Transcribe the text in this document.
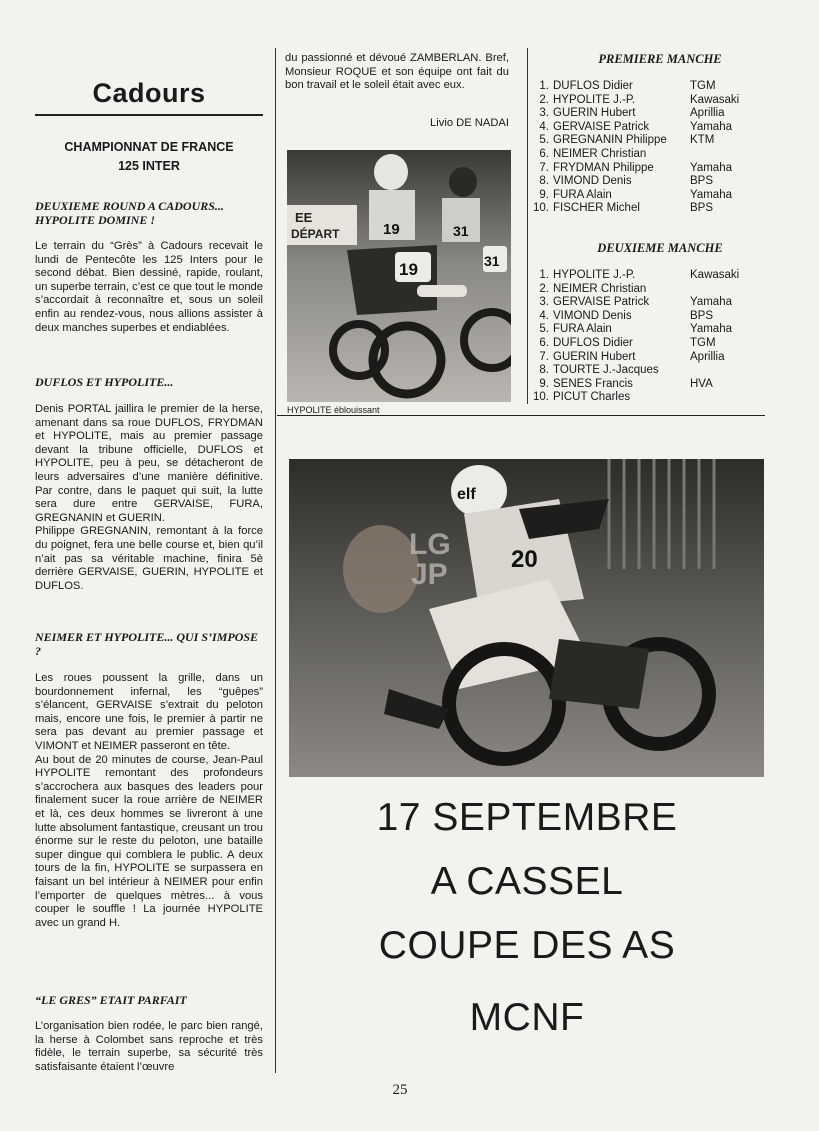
Cadours
CHAMPIONNAT DE FRANCE
125 INTER
DEUXIEME ROUND A CADOURS... HYPOLITE DOMINE !
Le terrain du “Grès” à Cadours recevait le lundi de Pentecôte les 125 Inters pour le second débat. Bien dessiné, rapide, roulant, un superbe terrain, c’est ce que tout le monde s’accordait à reconnaître et, sous un soleil enfin au rendez-vous, nous allions assister à deux manches superbes et endiablées.
DUFLOS ET HYPOLITE...
Denis PORTAL jaillira le premier de la herse, amenant dans sa roue DUFLOS, FRYDMAN et HYPOLITE, mais au premier passage devant la tribune officielle, DUFLOS et HYPOLITE, peu à peu, se détacheront de leurs adversaires d’une manière définitive. Par contre, dans le paquet qui suit, la lutte sera dure entre GERVAISE, FURA, GREGNANIN et GUERIN.
Philippe GREGNANIN, remontant à la force du poignet, fera une belle course et, bien qu’il n’ait pas sa véritable machine, finira 5è derrière GERVAISE, GUERIN, HYPOLITE et DUFLOS.
NEIMER ET HYPOLITE... QUI S’IMPOSE ?
Les roues poussent la grille, dans un bourdonnement infernal, les “guêpes” s’élancent, GERVAISE s’extrait du peloton mais, encore une fois, le premier à partir ne sera pas devant au premier passage et VIMONT et NEIMER passeront en tête.
Au bout de 20 minutes de course, Jean-Paul HYPOLITE remontant des profondeurs s’accrochera aux basques des leaders pour finalement sucer la roue arrière de NEIMER et là, ces deux hommes se livreront à une lutte absolument fantastique, creusant un trou énorme sur le reste du peloton, une bataille super dingue qui comblera le public. A deux tours de la fin, HYPOLITE se surpassera en faisant un bel intérieur à NEIMER pour enfin l’emporter de quelques mètres... à vous couper le souffle ! La journée HYPOLITE avec un grand H.
“LE GRES” ETAIT PARFAIT
L’organisation bien rodée, le parc bien rangé, la herse à Colombet sans reproche et très fidèle, le terrain superbe, sa sécurité très satisfaisante étaient l’œuvre
du passionné et dévoué ZAMBERLAN. Bref, Monsieur ROQUE et son équipe ont fait du bon travail et le soleil était avec eux.
Livio DE NADAI
EE
DÉPART	19	31
19	31
HYPOLITE éblouissant
PREMIERE MANCHE
1.	DUFLOS Didier	TGM
2.	HYPOLITE J.-P.	Kawasaki
3.	GUERIN Hubert	Aprillia
4.	GERVAISE Patrick	Yamaha
5.	GREGNANIN Philippe	KTM
6.	NEIMER Christian	
7.	FRYDMAN Philippe	Yamaha
8.	VIMOND Denis	BPS
9.	FURA Alain	Yamaha
10.	FISCHER Michel	BPS
DEUXIEME MANCHE
1.	HYPOLITE J.-P.	Kawasaki
2.	NEIMER Christian	
3.	GERVAISE Patrick	Yamaha
4.	VIMOND Denis	BPS
5.	FURA Alain	Yamaha
6.	DUFLOS Didier	TGM
7.	GUERIN Hubert	Aprillia
8.	TOURTE J.-Jacques	
9.	SENES Francis	HVA
10.	PICUT Charles	
LG
JP
elf
20
17 SEPTEMBRE
A CASSEL
COUPE DES AS
MCNF
25
